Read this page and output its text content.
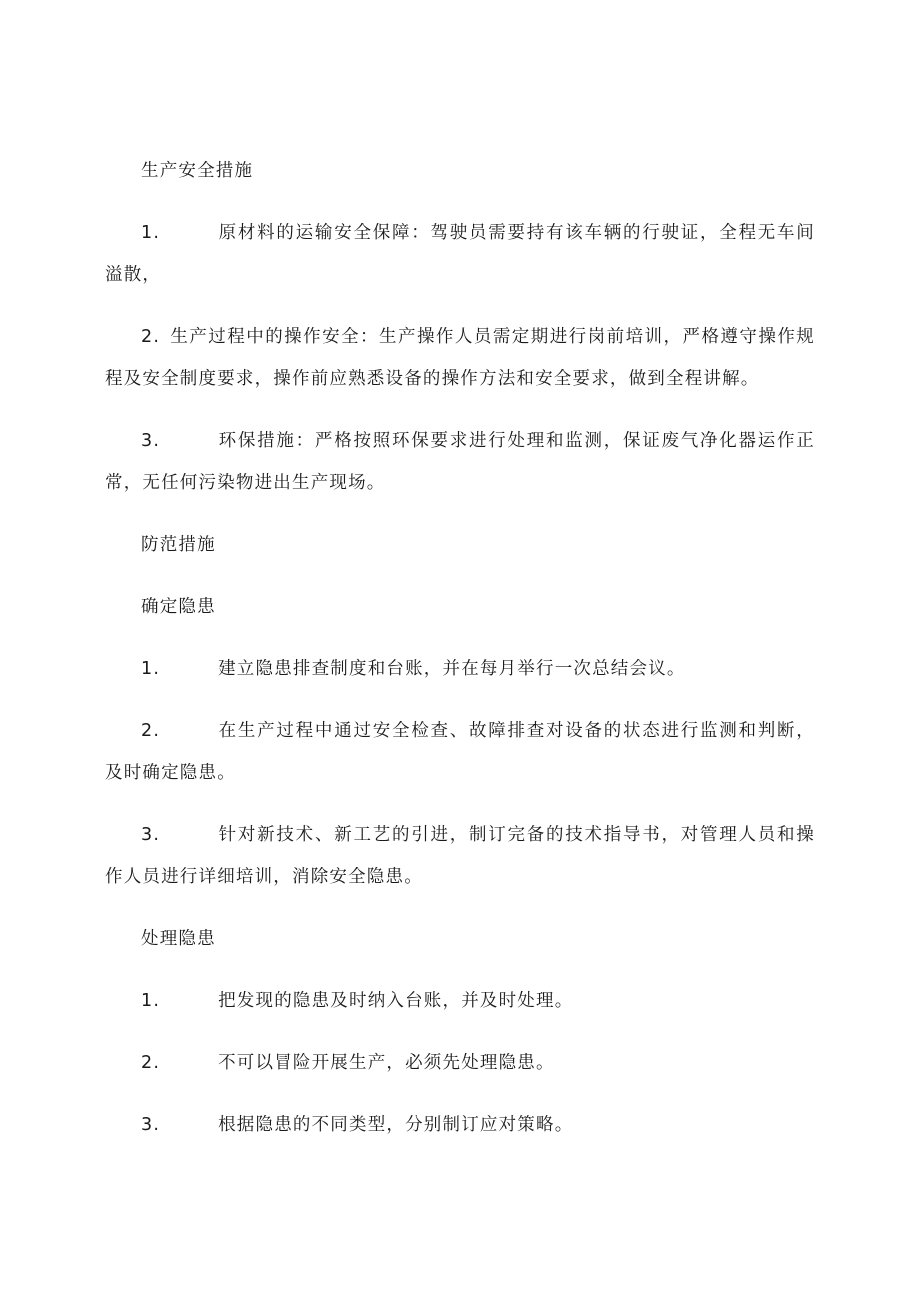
生产安全措施

1.	原材料的运输安全保障：驾驶员需要持有该车辆的行驶证，全程无车间溢散，

2. 生产过程中的操作安全：生产操作人员需定期进行岗前培训，严格遵守操作规程及安全制度要求，操作前应熟悉设备的操作方法和安全要求，做到全程讲解。

3.	环保措施：严格按照环保要求进行处理和监测，保证废气净化器运作正常，无任何污染物进出生产现场。

防范措施

确定隐患

1.	建立隐患排查制度和台账，并在每月举行一次总结会议。

2.	在生产过程中通过安全检查、故障排查对设备的状态进行监测和判断，及时确定隐患。

3.	针对新技术、新工艺的引进，制订完备的技术指导书，对管理人员和操作人员进行详细培训，消除安全隐患。

处理隐患

1.	把发现的隐患及时纳入台账，并及时处理。

2.	不可以冒险开展生产，必须先处理隐患。

3.	根据隐患的不同类型，分别制订应对策略。
